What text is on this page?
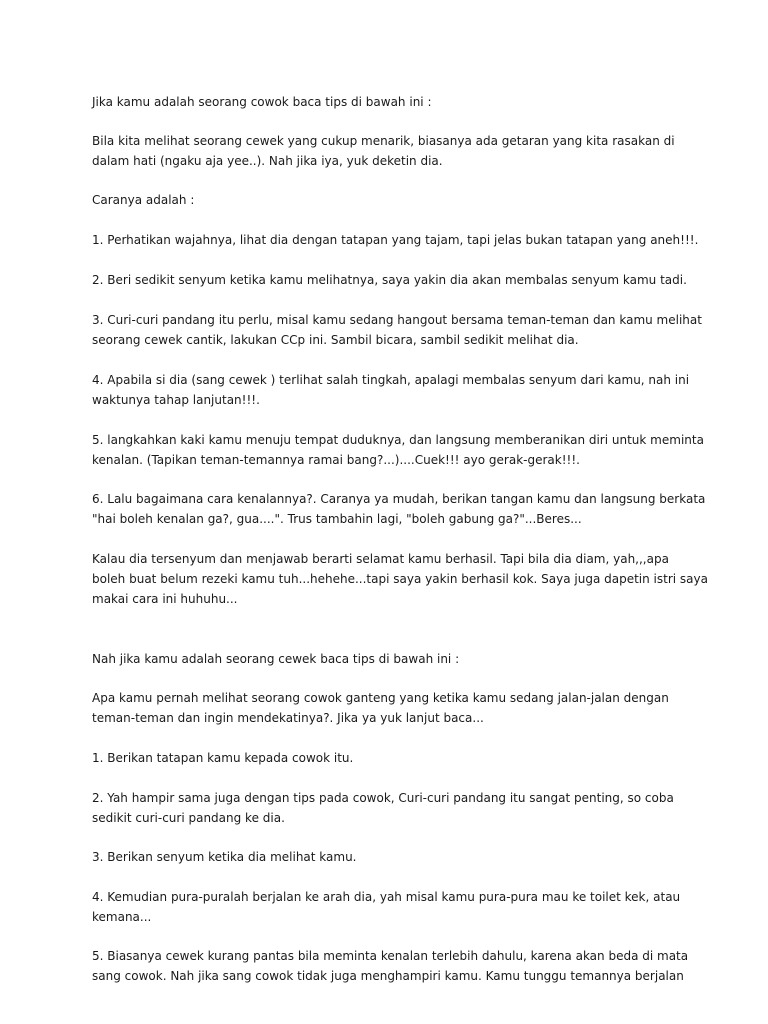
Jika kamu adalah seorang cowok baca tips di bawah ini :

Bila kita melihat seorang cewek yang cukup menarik, biasanya ada getaran yang kita rasakan di
dalam hati (ngaku aja yee..). Nah jika iya, yuk deketin dia.

Caranya adalah :

1. Perhatikan wajahnya, lihat dia dengan tatapan yang tajam, tapi jelas bukan tatapan yang aneh!!!.

2. Beri sedikit senyum ketika kamu melihatnya, saya yakin dia akan membalas senyum kamu tadi.

3. Curi-curi pandang itu perlu, misal kamu sedang hangout bersama teman-teman dan kamu melihat
seorang cewek cantik, lakukan CCp ini. Sambil bicara, sambil sedikit melihat dia.

4. Apabila si dia (sang cewek ) terlihat salah tingkah, apalagi membalas senyum dari kamu, nah ini
waktunya tahap lanjutan!!!.

5. langkahkan kaki kamu menuju tempat duduknya, dan langsung memberanikan diri untuk meminta
kenalan. (Tapikan teman-temannya ramai bang?...)....Cuek!!! ayo gerak-gerak!!!.

6. Lalu bagaimana cara kenalannya?. Caranya ya mudah, berikan tangan kamu dan langsung berkata
"hai boleh kenalan ga?, gua....". Trus tambahin lagi, "boleh gabung ga?"...Beres...

Kalau dia tersenyum dan menjawab berarti selamat kamu berhasil. Tapi bila dia diam, yah,,,apa
boleh buat belum rezeki kamu tuh...hehehe...tapi saya yakin berhasil kok. Saya juga dapetin istri saya
makai cara ini huhuhu...

Nah jika kamu adalah seorang cewek baca tips di bawah ini :

Apa kamu pernah melihat seorang cowok ganteng yang ketika kamu sedang jalan-jalan dengan
teman-teman dan ingin mendekatinya?. Jika ya yuk lanjut baca...

1. Berikan tatapan kamu kepada cowok itu.

2. Yah hampir sama juga dengan tips pada cowok, Curi-curi pandang itu sangat penting, so coba
sedikit curi-curi pandang ke dia.

3. Berikan senyum ketika dia melihat kamu.

4. Kemudian pura-puralah berjalan ke arah dia, yah misal kamu pura-pura mau ke toilet kek, atau
kemana...

5. Biasanya cewek kurang pantas bila meminta kenalan terlebih dahulu, karena akan beda di mata
sang cowok. Nah jika sang cowok tidak juga menghampiri kamu. Kamu tunggu temannya berjalan
